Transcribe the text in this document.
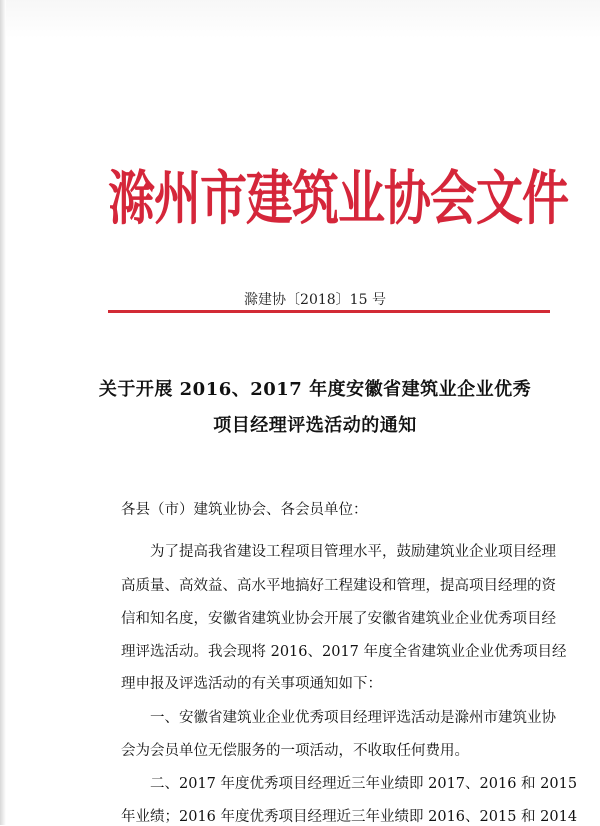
滁州市建筑业协会文件
滁建协〔2018〕15 号
关于开展 2016、2017 年度安徽省建筑业企业优秀
项目经理评选活动的通知
各县（市）建筑业协会、各会员单位：
为了提高我省建设工程项目管理水平，鼓励建筑业企业项目经理
高质量、高效益、高水平地搞好工程建设和管理，提高项目经理的资
信和知名度，安徽省建筑业协会开展了安徽省建筑业企业优秀项目经
理评选活动。我会现将 2016、2017 年度全省建筑业企业优秀项目经
理申报及评选活动的有关事项通知如下：
一、安徽省建筑业企业优秀项目经理评选活动是滁州市建筑业协
会为会员单位无偿服务的一项活动，不收取任何费用。
二、2017 年度优秀项目经理近三年业绩即 2017、2016 和 2015
年业绩；2016 年度优秀项目经理近三年业绩即 2016、2015 和 2014
